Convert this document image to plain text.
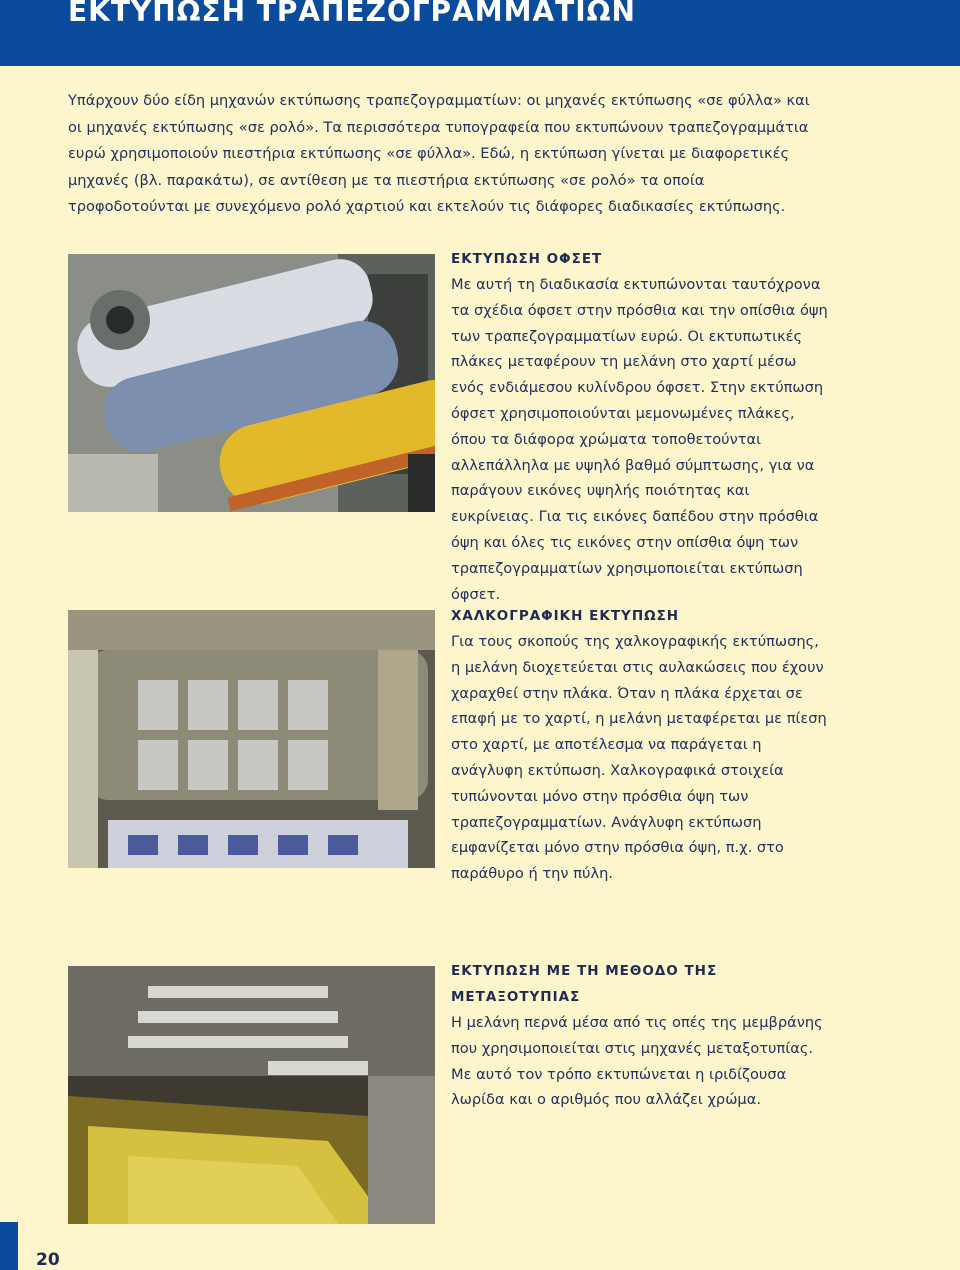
ΕΚΤΥΠΩΣΗ ΤΡΑΠΕΖΟΓΡΑΜΜΑΤΙΩΝ
Υπάρχουν δύο είδη μηχανών εκτύπωσης τραπεζογραμματίων: οι μηχανές εκτύπωσης «σε φύλλα» και οι μηχανές εκτύπωσης «σε ρολό». Τα περισσότερα τυπογραφεία που εκτυπώνουν τραπεζογραμμάτια ευρώ χρησιμοποιούν πιεστήρια εκτύπωσης «σε φύλλα». Εδώ, η εκτύπωση γίνεται με διαφορετικές μηχανές (βλ. παρακάτω), σε αντίθεση με τα πιεστήρια εκτύπωσης «σε ρολό» τα οποία τροφοδοτούνται με συνεχόμενο ρολό χαρτιού και εκτελούν τις διάφορες διαδικασίες εκτύπωσης.
ΕΚΤΥΠΩΣΗ ΟΦΣΕΤ
Με αυτή τη διαδικασία εκτυπώνονται ταυτόχρονα τα σχέδια όφσετ στην πρόσθια και την οπίσθια όψη των τραπεζογραμματίων ευρώ. Οι εκτυπωτικές πλάκες μεταφέρουν τη μελάνη στο χαρτί μέσω ενός ενδιάμεσου κυλίνδρου όφσετ. Στην εκτύπωση όφσετ χρησιμοποιούνται μεμονωμένες πλάκες, όπου τα διάφορα χρώματα τοποθετούνται αλλεπάλληλα με υψηλό βαθμό σύμπτωσης, για να παράγουν εικόνες υψηλής ποιότητας και ευκρίνειας. Για τις εικόνες δαπέδου στην πρόσθια όψη και όλες τις εικόνες στην οπίσθια όψη των τραπεζογραμματίων χρησιμοποιείται εκτύπωση όφσετ.
ΧΑΛΚΟΓΡΑΦΙΚΗ ΕΚΤΥΠΩΣΗ
Για τους σκοπούς της χαλκογραφικής εκτύπωσης, η μελάνη διοχετεύεται στις αυλακώσεις που έχουν χαραχθεί στην πλάκα. Όταν η πλάκα έρχεται σε επαφή με το χαρτί, η μελάνη μεταφέρεται με πίεση στο χαρτί, με αποτέλεσμα να παράγεται η ανάγλυφη εκτύπωση. Χαλκογραφικά στοιχεία τυπώνονται μόνο στην πρόσθια όψη των τραπεζογραμματίων. Ανάγλυφη εκτύπωση εμφανίζεται μόνο στην πρόσθια όψη, π.χ. στο παράθυρο ή την πύλη.
ΕΚΤΥΠΩΣΗ ΜΕ ΤΗ ΜΕΘΟΔΟ ΤΗΣ ΜΕΤΑΞΟΤΥΠΙΑΣ
Η μελάνη περνά μέσα από τις οπές της μεμβράνης που χρησιμοποιείται στις μηχανές μεταξοτυπίας. Με αυτό τον τρόπο εκτυπώνεται η ιριδίζουσα λωρίδα και ο αριθμός που αλλάζει χρώμα.
20
